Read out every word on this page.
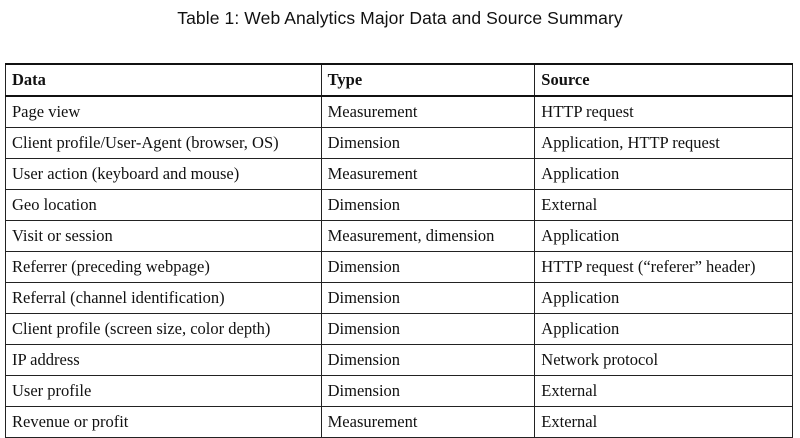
Table 1: Web Analytics Major Data and Source Summary
Data	Type	Source
Page view	Measurement	HTTP request
Client profile/User-Agent (browser, OS)	Dimension	Application, HTTP request
User action (keyboard and mouse)	Measurement	Application
Geo location	Dimension	External
Visit or session	Measurement, dimension	Application
Referrer (preceding webpage)	Dimension	HTTP request (“referer” header)
Referral (channel identification)	Dimension	Application
Client profile (screen size, color depth)	Dimension	Application
IP address	Dimension	Network protocol
User profile	Dimension	External
Revenue or profit	Measurement	External
